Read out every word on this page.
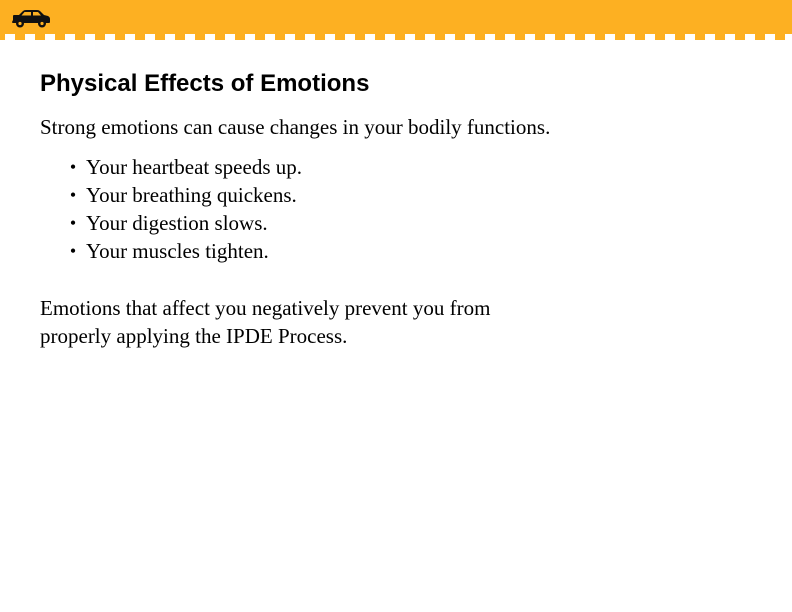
Physical Effects of Emotions

Strong emotions can cause changes in your bodily functions.

• Your heartbeat speeds up.
• Your breathing quickens.
• Your digestion slows.
• Your muscles tighten.

Emotions that affect you negatively prevent you from
properly applying the IPDE Process.
